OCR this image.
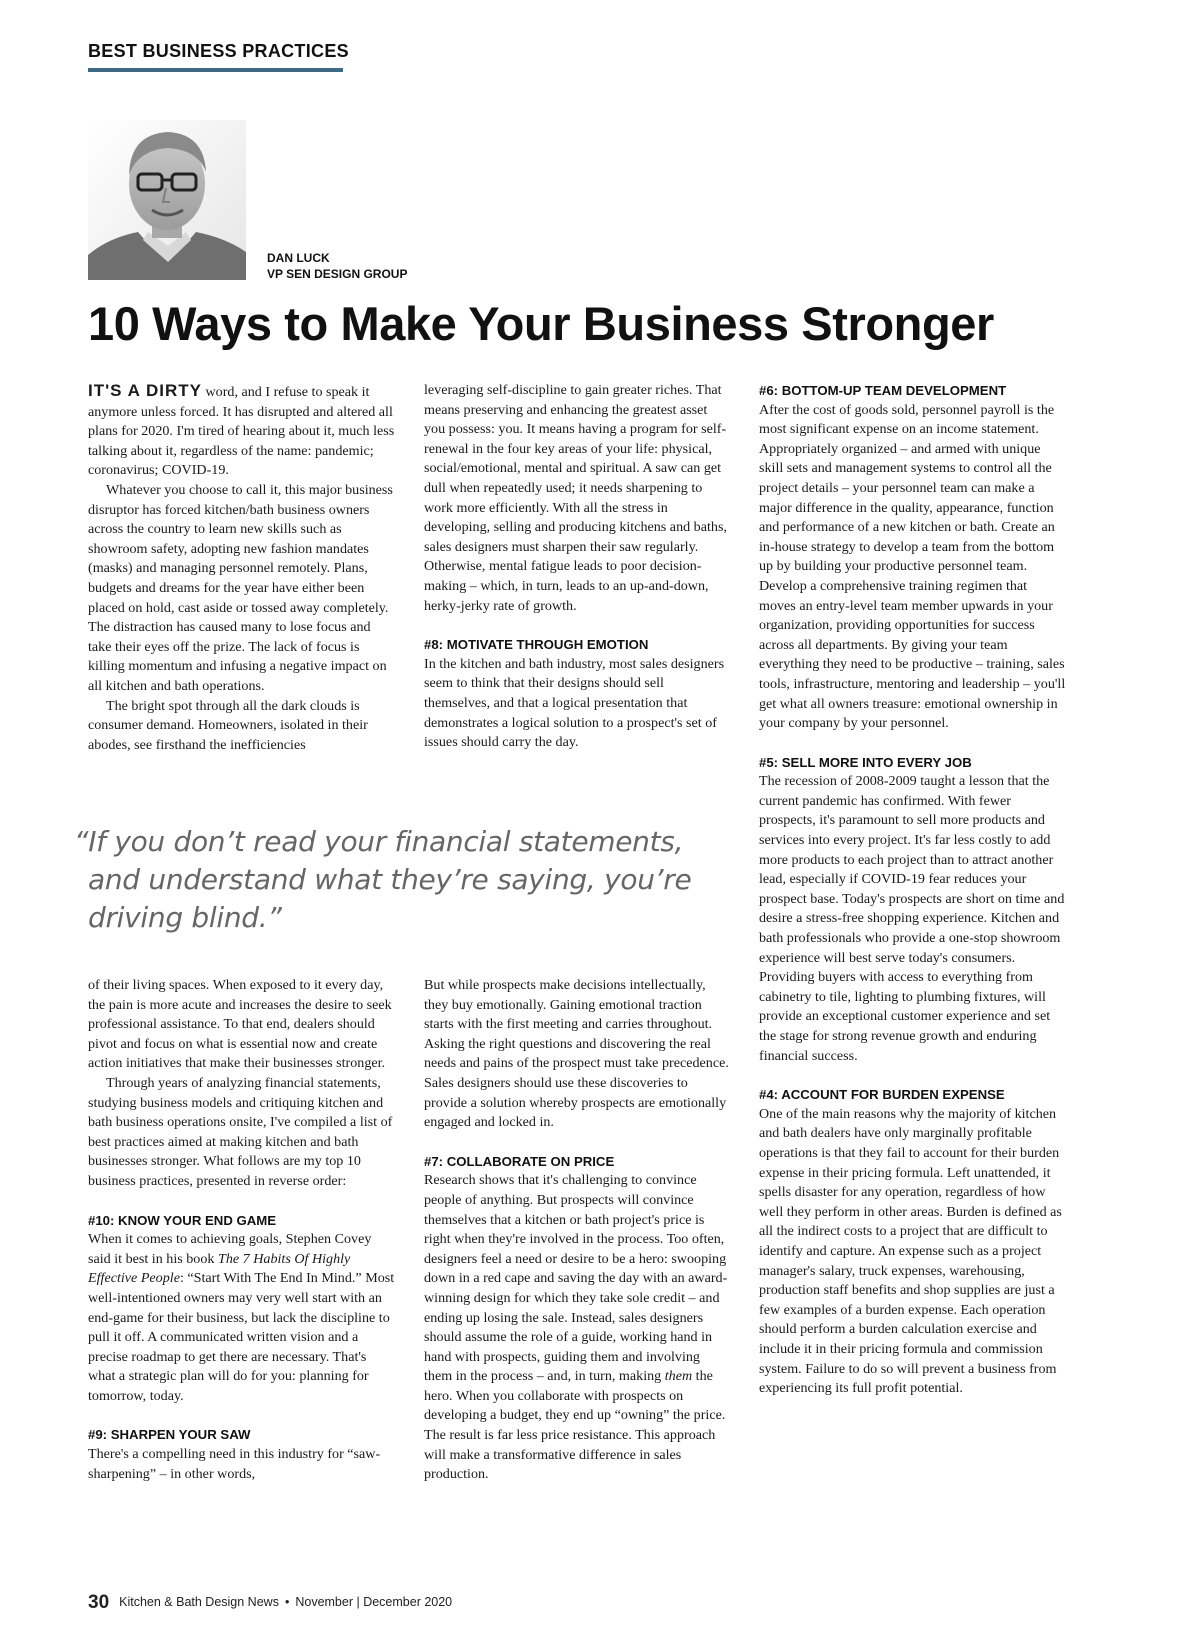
BEST BUSINESS PRACTICES
DAN LUCK
VP SEN DESIGN GROUP
10 Ways to Make Your Business Stronger

IT'S A DIRTY word, and I refuse to speak it anymore unless forced. It has disrupted and altered all plans for 2020. I'm tired of hearing about it, much less talking about it, regardless of the name: pandemic; coronavirus; COVID-19.

Whatever you choose to call it, this major business disruptor has forced kitchen/bath business owners across the country to learn new skills such as showroom safety, adopting new fashion mandates (masks) and managing personnel remotely. Plans, budgets and dreams for the year have either been placed on hold, cast aside or tossed away completely. The distraction has caused many to lose focus and take their eyes off the prize. The lack of focus is killing momentum and infusing a negative impact on all kitchen and bath operations.

The bright spot through all the dark clouds is consumer demand. Homeowners, isolated in their abodes, see firsthand the inefficiencies

leveraging self-discipline to gain greater riches. That means preserving and enhancing the greatest asset you possess: you. It means having a program for self-renewal in the four key areas of your life: physical, social/emotional, mental and spiritual. A saw can get dull when repeatedly used; it needs sharpening to work more efficiently. With all the stress in developing, selling and producing kitchens and baths, sales designers must sharpen their saw regularly. Otherwise, mental fatigue leads to poor decision-making – which, in turn, leads to an up-and-down, herky-jerky rate of growth.

#8: MOTIVATE THROUGH EMOTION

In the kitchen and bath industry, most sales designers seem to think that their designs should sell themselves, and that a logical presentation that demonstrates a logical solution to a prospect's set of issues should carry the day.

“If you don’t read your financial statements,
and understand what they’re saying, you’re
driving blind.”

of their living spaces. When exposed to it every day, the pain is more acute and increases the desire to seek professional assistance. To that end, dealers should pivot and focus on what is essential now and create action initiatives that make their businesses stronger.

Through years of analyzing financial statements, studying business models and critiquing kitchen and bath business operations onsite, I've compiled a list of best practices aimed at making kitchen and bath businesses stronger. What follows are my top 10 business practices, presented in reverse order:

#10: KNOW YOUR END GAME

When it comes to achieving goals, Stephen Covey said it best in his book The 7 Habits Of Highly Effective People: “Start With The End In Mind.” Most well-intentioned owners may very well start with an end-game for their business, but lack the discipline to pull it off. A communicated written vision and a precise roadmap to get there are necessary. That's what a strategic plan will do for you: planning for tomorrow, today.

#9: SHARPEN YOUR SAW

There's a compelling need in this industry for “saw-sharpening” – in other words,

But while prospects make decisions intellectually, they buy emotionally. Gaining emotional traction starts with the first meeting and carries throughout. Asking the right questions and discovering the real needs and pains of the prospect must take precedence. Sales designers should use these discoveries to provide a solution whereby prospects are emotionally engaged and locked in.

#7: COLLABORATE ON PRICE

Research shows that it's challenging to convince people of anything. But prospects will convince themselves that a kitchen or bath project's price is right when they're involved in the process. Too often, designers feel a need or desire to be a hero: swooping down in a red cape and saving the day with an award-winning design for which they take sole credit – and ending up losing the sale. Instead, sales designers should assume the role of a guide, working hand in hand with prospects, guiding them and involving them in the process – and, in turn, making them the hero. When you collaborate with prospects on developing a budget, they end up “owning” the price. The result is far less price resistance. This approach will make a transformative difference in sales production.

#6: BOTTOM-UP TEAM DEVELOPMENT

After the cost of goods sold, personnel payroll is the most significant expense on an income statement. Appropriately organized – and armed with unique skill sets and management systems to control all the project details – your personnel team can make a major difference in the quality, appearance, function and performance of a new kitchen or bath. Create an in-house strategy to develop a team from the bottom up by building your productive personnel team. Develop a comprehensive training regimen that moves an entry-level team member upwards in your organization, providing opportunities for success across all departments. By giving your team everything they need to be productive – training, sales tools, infrastructure, mentoring and leadership – you'll get what all owners treasure: emotional ownership in your company by your personnel.

#5: SELL MORE INTO EVERY JOB

The recession of 2008-2009 taught a lesson that the current pandemic has confirmed. With fewer prospects, it's paramount to sell more products and services into every project. It's far less costly to add more products to each project than to attract another lead, especially if COVID-19 fear reduces your prospect base. Today's prospects are short on time and desire a stress-free shopping experience. Kitchen and bath professionals who provide a one-stop showroom experience will best serve today's consumers. Providing buyers with access to everything from cabinetry to tile, lighting to plumbing fixtures, will provide an exceptional customer experience and set the stage for strong revenue growth and enduring financial success.

#4: ACCOUNT FOR BURDEN EXPENSE

One of the main reasons why the majority of kitchen and bath dealers have only marginally profitable operations is that they fail to account for their burden expense in their pricing formula. Left unattended, it spells disaster for any operation, regardless of how well they perform in other areas. Burden is defined as all the indirect costs to a project that are difficult to identify and capture. An expense such as a project manager's salary, truck expenses, warehousing, production staff benefits and shop supplies are just a few examples of a burden expense. Each operation should perform a burden calculation exercise and include it in their pricing formula and commission system. Failure to do so will prevent a business from experiencing its full profit potential.

30 Kitchen & Bath Design News • November | December 2020
